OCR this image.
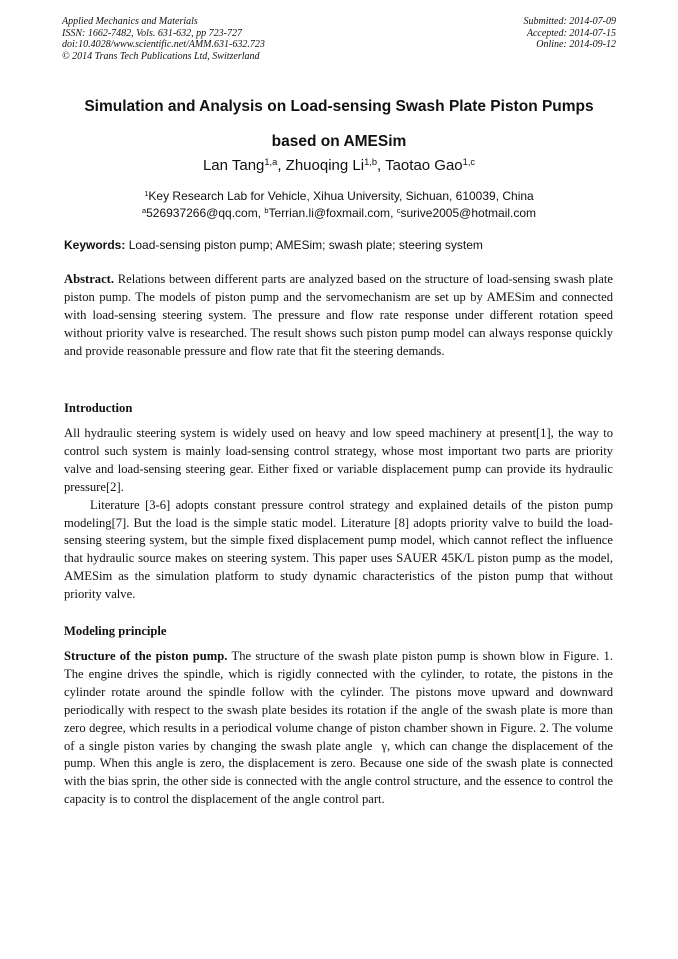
Applied Mechanics and Materials
ISSN: 1662-7482, Vols. 631-632, pp 723-727
doi:10.4028/www.scientific.net/AMM.631-632.723
© 2014 Trans Tech Publications Ltd, Switzerland
Submitted: 2014-07-09
Accepted: 2014-07-15
Online: 2014-09-12
Simulation and Analysis on Load-sensing Swash Plate Piston Pumps
based on AMESim
Lan Tang$^{1,a}$, Zhuoqing Li$^{1,b}$, Taotao Gao$^{1,c}$
$^1$Key Research Lab for Vehicle, Xihua University, Sichuan, 610039, China
$^a$526937266@qq.com, $^b$Terrian.li@foxmail.com, $^c$surive2005@hotmail.com
Keywords: Load-sensing piston pump; AMESim; swash plate; steering system

Abstract. Relations between different parts are analyzed based on the structure of load-sensing swash plate piston pump. The models of piston pump and the servomechanism are set up by AMESim and connected with load-sensing steering system. The pressure and flow rate response under different rotation speed without priority valve is researched. The result shows such piston pump model can always response quickly and provide reasonable pressure and flow rate that fit the steering demands.

Introduction

All hydraulic steering system is widely used on heavy and low speed machinery at present[1], the way to control such system is mainly load-sensing control strategy, whose most important two parts are priority valve and load-sensing steering gear. Either fixed or variable displacement pump can provide its hydraulic pressure[2].

Literature [3-6] adopts constant pressure control strategy and explained details of the piston pump modeling[7]. But the load is the simple static model. Literature [8] adopts priority valve to build the load-sensing steering system, but the simple fixed displacement pump model, which cannot reflect the influence that hydraulic source makes on steering system. This paper uses SAUER 45K/L piston pump as the model, AMESim as the simulation platform to study dynamic characteristics of the piston pump that without priority valve.

Modeling principle

Structure of the piston pump. The structure of the swash plate piston pump is shown blow in Figure. 1. The engine drives the spindle, which is rigidly connected with the cylinder, to rotate, the pistons in the cylinder rotate around the spindle follow with the cylinder. The pistons move upward and downward periodically with respect to the swash plate besides its rotation if the angle of the swash plate is more than zero degree, which results in a periodical volume change of piston chamber shown in Figure. 2. The volume of a single piston varies by changing the swash plate angle γ, which can change the displacement of the pump. When this angle is zero, the displacement is zero. Because one side of the swash plate is connected with the bias sprin, the other side is connected with the angle control structure, and the essence to control the capacity is to control the displacement of the angle control part.
